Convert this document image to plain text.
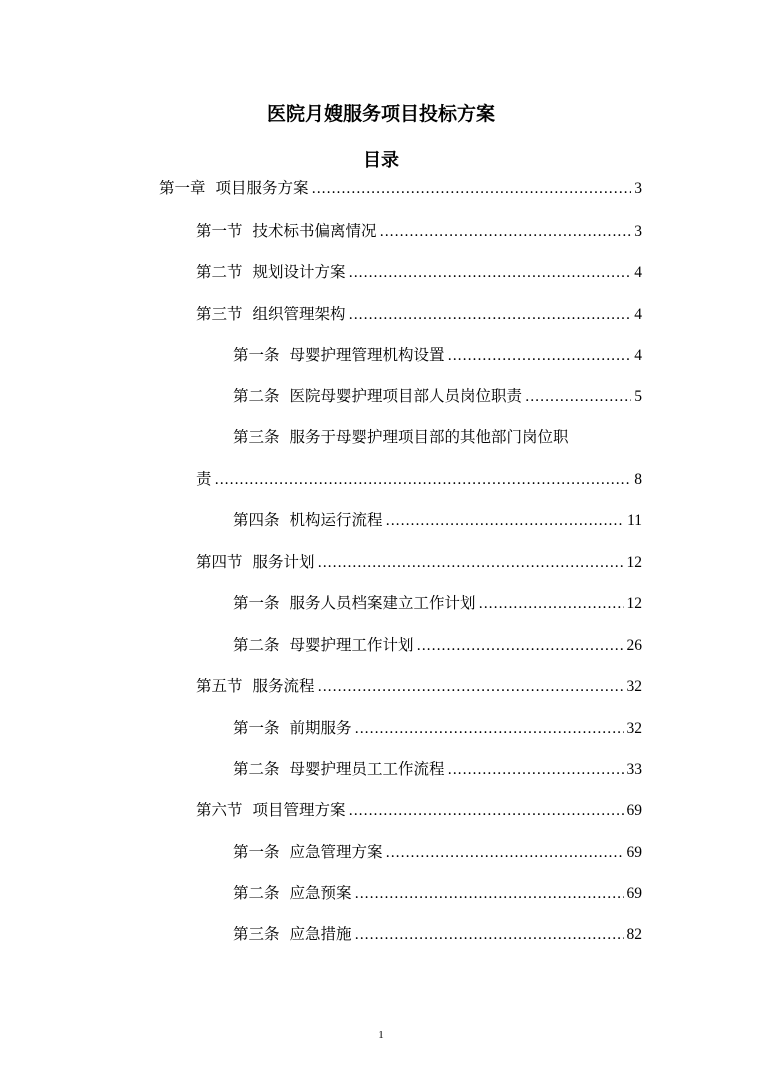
医院月嫂服务项目投标方案
目录
第一章 项目服务方案 .....	3
第一节 技术标书偏离情况 .....	3
第二节 规划设计方案 .....	4
第三节 组织管理架构 .....	4
第一条 母婴护理管理机构设置 .....	4
第二条 医院母婴护理项目部人员岗位职责 .....	5
第三条 服务于母婴护理项目部的其他部门岗位职
责 .....	8
第四条 机构运行流程 .....	11
第四节 服务计划 .....	12
第一条 服务人员档案建立工作计划 .....	12
第二条 母婴护理工作计划 .....	26
第五节 服务流程 .....	32
第一条 前期服务 .....	32
第二条 母婴护理员工工作流程 .....	33
第六节 项目管理方案 .....	69
第一条 应急管理方案 .....	69
第二条 应急预案 .....	69
第三条 应急措施 .....	82
1
